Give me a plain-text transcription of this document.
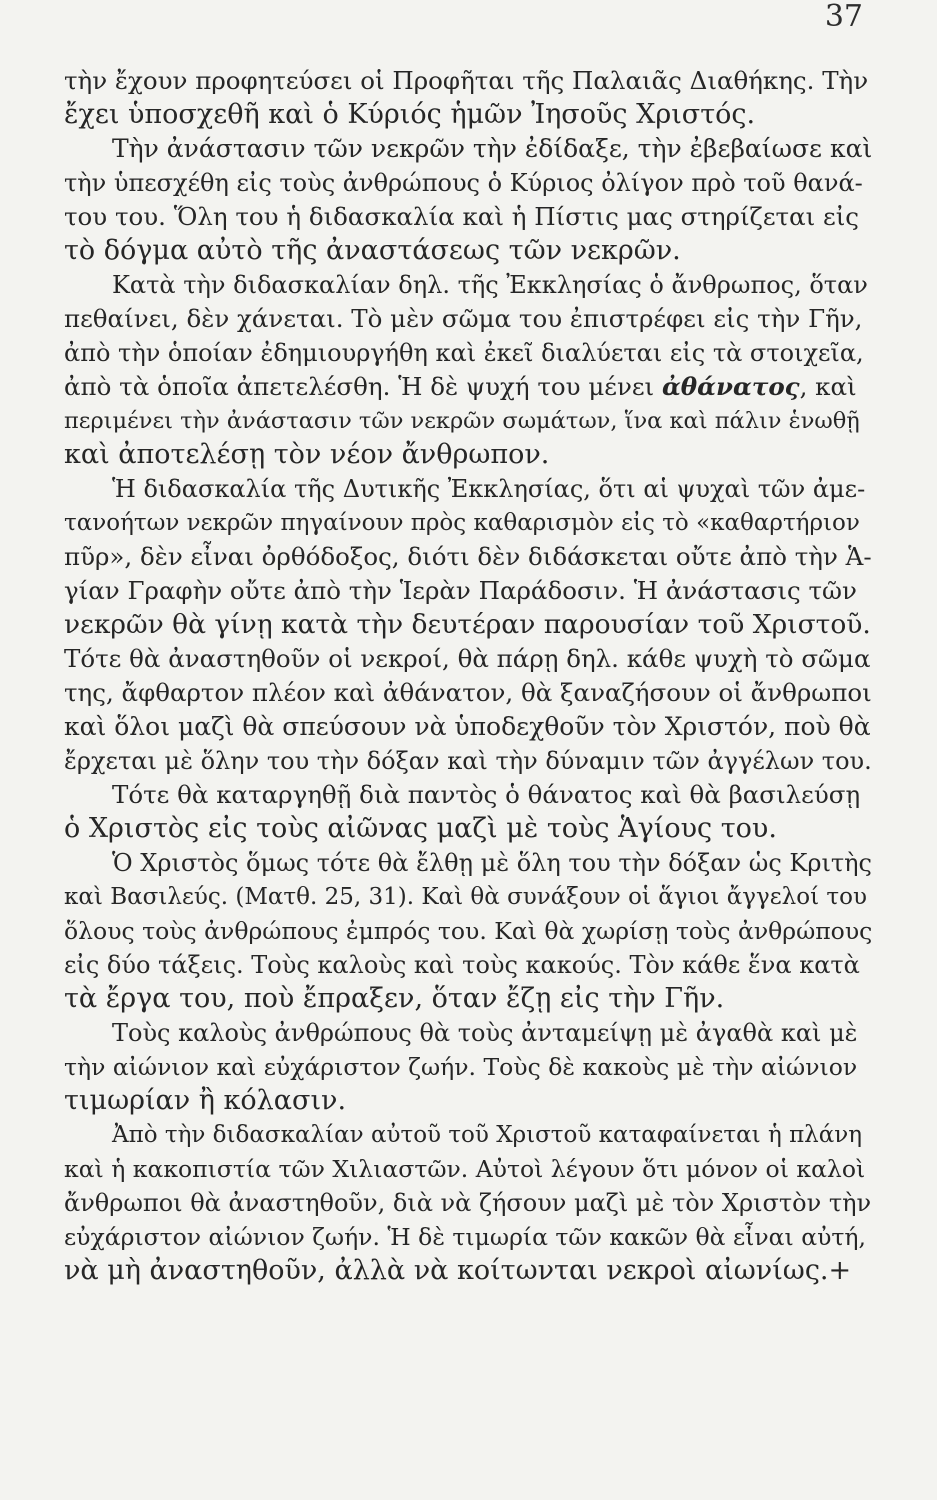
37
τὴν ἔχουν προφητεύσει οἱ Προφῆται τῆς Παλαιᾶς Διαθήκης. Τὴν
ἔχει ὑποσχεθῆ καὶ ὁ Κύριός ἡμῶν Ἰησοῦς Χριστός.
Τὴν ἀνάστασιν τῶν νεκρῶν τὴν ἐδίδαξε, τὴν ἐβεβαίωσε καὶ
τὴν ὑπεσχέθη εἰς τοὺς ἀνθρώπους ὁ Κύριος ὀλίγον πρὸ τοῦ θανά-
του του. Ὅλη του ἡ διδασκαλία καὶ ἡ Πίστις μας στηρίζεται εἰς
τὸ δόγμα αὐτὸ τῆς ἀναστάσεως τῶν νεκρῶν.
Κατὰ τὴν διδασκαλίαν δηλ. τῆς Ἐκκλησίας ὁ ἄνθρωπος, ὅταν
πεθαίνει, δὲν χάνεται. Τὸ μὲν σῶμα του ἐπιστρέφει εἰς τὴν Γῆν,
ἀπὸ τὴν ὁποίαν ἐδημιουργήθη καὶ ἐκεῖ διαλύεται εἰς τὰ στοιχεῖα,
ἀπὸ τὰ ὁποῖα ἀπετελέσθη. Ἡ δὲ ψυχή του μένει ἀθάνατος, καὶ
περιμένει τὴν ἀνάστασιν τῶν νεκρῶν σωμάτων, ἵνα καὶ πάλιν ἑνωθῇ
καὶ ἀποτελέσῃ τὸν νέον ἄνθρωπον.
Ἡ διδασκαλία τῆς Δυτικῆς Ἐκκλησίας, ὅτι αἱ ψυχαὶ τῶν ἀμε-
τανοήτων νεκρῶν πηγαίνουν πρὸς καθαρισμὸν εἰς τὸ «καθαρτήριον
πῦρ», δὲν εἶναι ὀρθόδοξος, διότι δὲν διδάσκεται οὔτε ἀπὸ τὴν Ἁ-
γίαν Γραφὴν οὔτε ἀπὸ τὴν Ἱερὰν Παράδοσιν. Ἡ ἀνάστασις τῶν
νεκρῶν θὰ γίνῃ κατὰ τὴν δευτέραν παρουσίαν τοῦ Χριστοῦ.
Τότε θὰ ἀναστηθοῦν οἱ νεκροί, θὰ πάρῃ δηλ. κάθε ψυχὴ τὸ σῶμα
της, ἄφθαρτον πλέον καὶ ἀθάνατον, θὰ ξαναζήσουν οἱ ἄνθρωποι
καὶ ὅλοι μαζὶ θὰ σπεύσουν νὰ ὑποδεχθοῦν τὸν Χριστόν, ποὺ θὰ
ἔρχεται μὲ ὅλην του τὴν δόξαν καὶ τὴν δύναμιν τῶν ἀγγέλων του.
Τότε θὰ καταργηθῇ διὰ παντὸς ὁ θάνατος καὶ θὰ βασιλεύσῃ
ὁ Χριστὸς εἰς τοὺς αἰῶνας μαζὶ μὲ τοὺς Ἁγίους του.
Ὁ Χριστὸς ὅμως τότε θὰ ἔλθῃ μὲ ὅλη του τὴν δόξαν ὡς Κριτὴς
καὶ Βασιλεύς. (Ματθ. 25, 31). Καὶ θὰ συνάξουν οἱ ἅγιοι ἄγγελοί του
ὅλους τοὺς ἀνθρώπους ἐμπρός του. Καὶ θὰ χωρίσῃ τοὺς ἀνθρώπους
εἰς δύο τάξεις. Τοὺς καλοὺς καὶ τοὺς κακούς. Τὸν κάθε ἕνα κατὰ
τὰ ἔργα του, ποὺ ἔπραξεν, ὅταν ἔζῃ εἰς τὴν Γῆν.
Τοὺς καλοὺς ἀνθρώπους θὰ τοὺς ἀνταμείψῃ μὲ ἀγαθὰ καὶ μὲ
τὴν αἰώνιον καὶ εὐχάριστον ζωήν. Τοὺς δὲ κακοὺς μὲ τὴν αἰώνιον
τιμωρίαν ἢ κόλασιν.
Ἀπὸ τὴν διδασκαλίαν αὐτοῦ τοῦ Χριστοῦ καταφαίνεται ἡ πλάνη
καὶ ἡ κακοπιστία τῶν Χιλιαστῶν. Αὐτοὶ λέγουν ὅτι μόνον οἱ καλοὶ
ἄνθρωποι θὰ ἀναστηθοῦν, διὰ νὰ ζήσουν μαζὶ μὲ τὸν Χριστὸν τὴν
εὐχάριστον αἰώνιον ζωήν. Ἡ δὲ τιμωρία τῶν κακῶν θὰ εἶναι αὐτή,
νὰ μὴ ἀναστηθοῦν, ἀλλὰ νὰ κοίτωνται νεκροὶ αἰωνίως.+
